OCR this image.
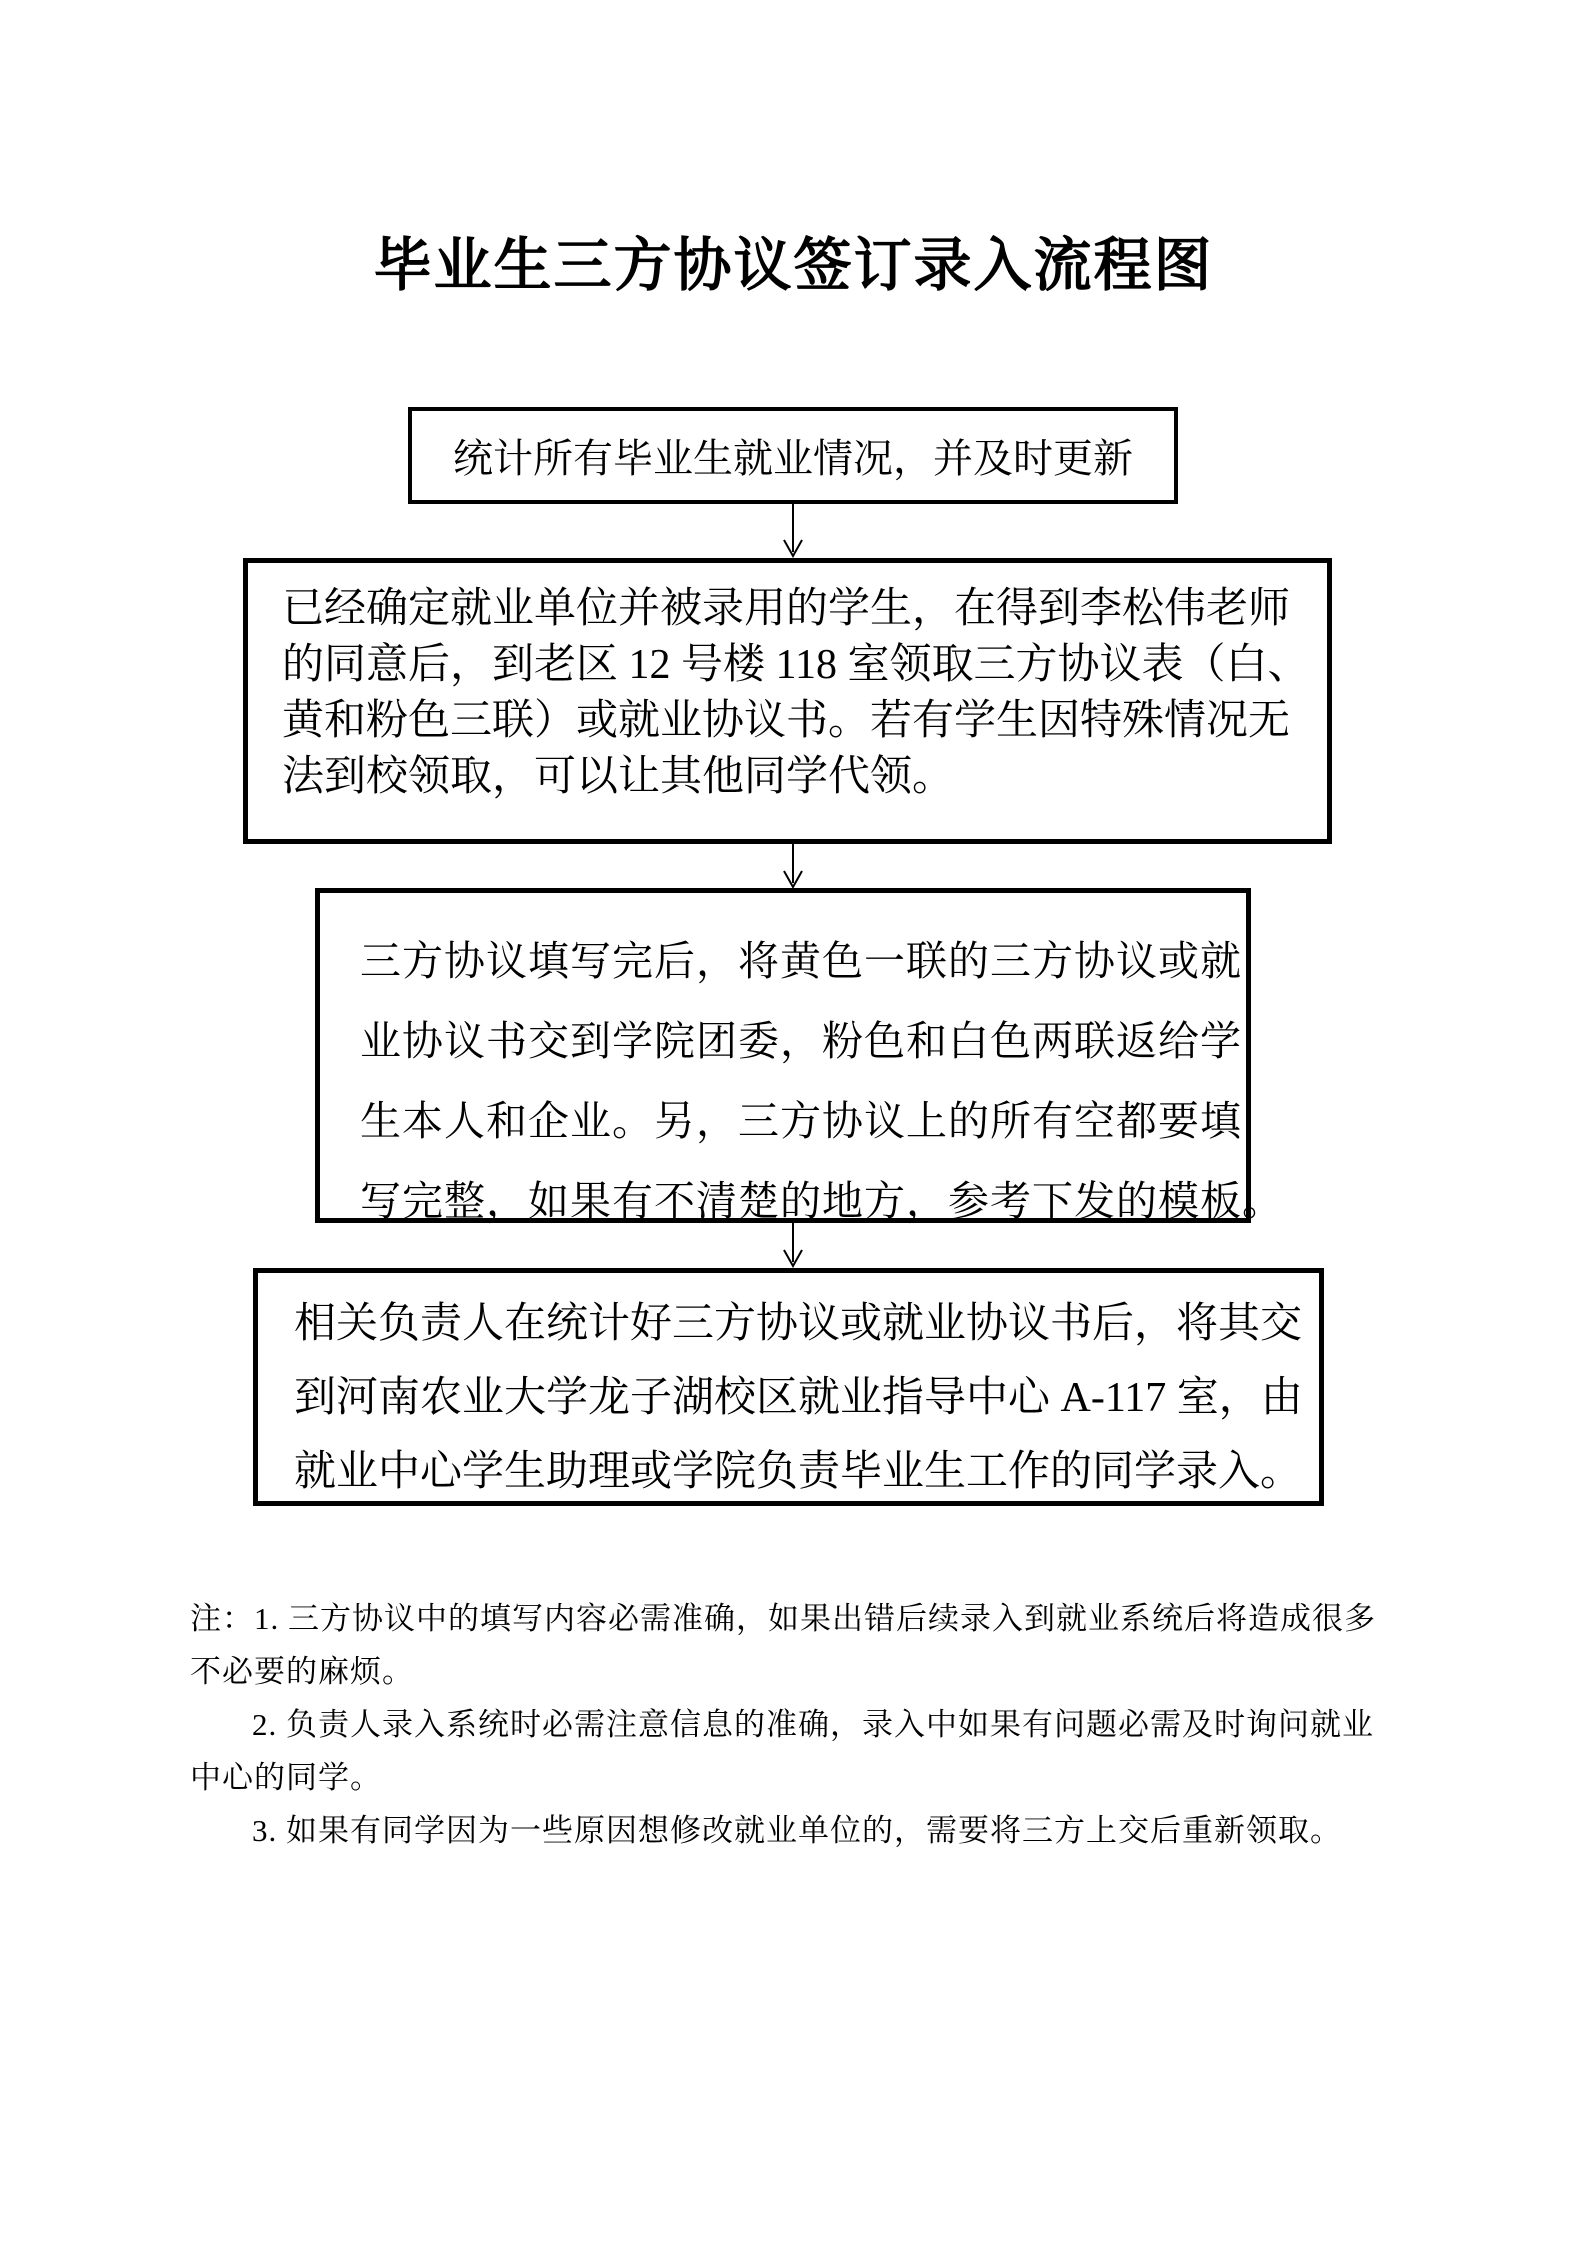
毕业生三方协议签订录入流程图
统计所有毕业生就业情况，并及时更新
已经确定就业单位并被录用的学生，在得到李松伟老师
的同意后，到老区 12 号楼 118 室领取三方协议表（白、
黄和粉色三联）或就业协议书。若有学生因特殊情况无
法到校领取，可以让其他同学代领。
三方协议填写完后，将黄色一联的三方协议或就
业协议书交到学院团委，粉色和白色两联返给学
生本人和企业。另，三方协议上的所有空都要填
写完整，如果有不清楚的地方，参考下发的模板。
相关负责人在统计好三方协议或就业协议书后，将其交
到河南农业大学龙子湖校区就业指导中心 A-117 室，由
就业中心学生助理或学院负责毕业生工作的同学录入。
注：1. 三方协议中的填写内容必需准确，如果出错后续录入到就业系统后将造成很多
不必要的麻烦。
2. 负责人录入系统时必需注意信息的准确，录入中如果有问题必需及时询问就业
中心的同学。
3. 如果有同学因为一些原因想修改就业单位的，需要将三方上交后重新领取。
